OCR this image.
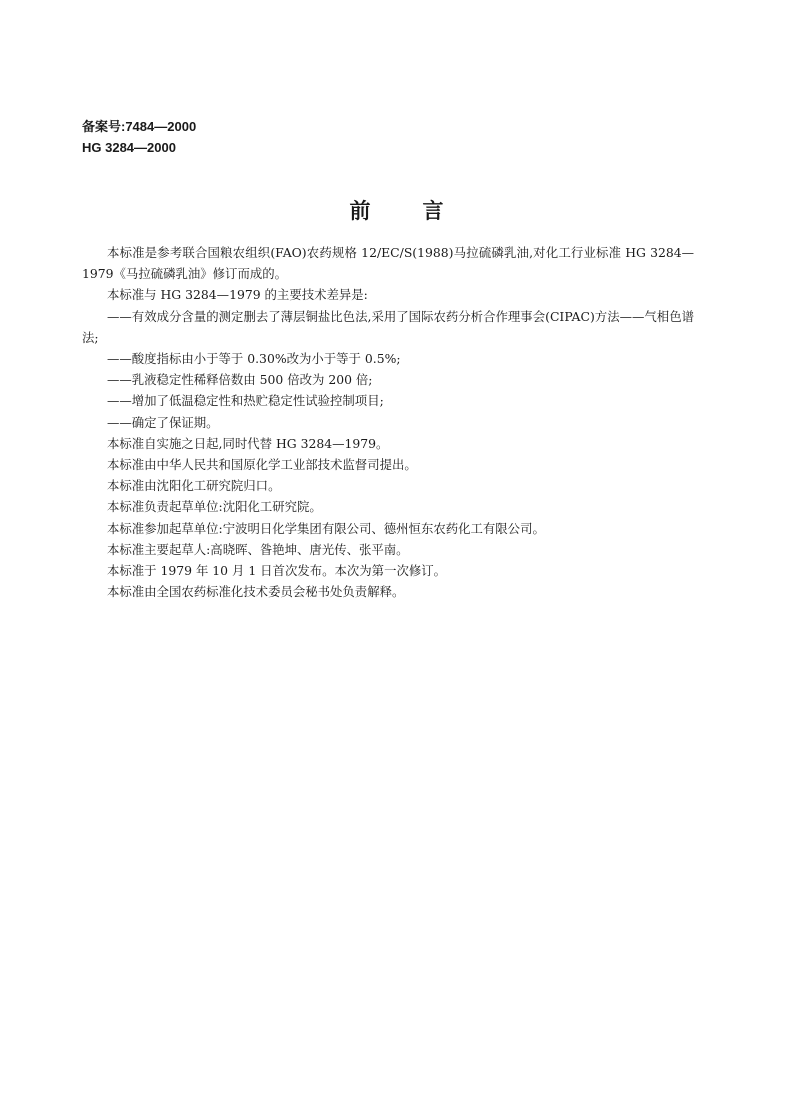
备案号:7484—2000
HG 3284—2000
前言

本标准是参考联合国粮农组织(FAO)农药规格 12/EC/S(1988)马拉硫磷乳油,对化工行业标准 HG 3284—1979《马拉硫磷乳油》修订而成的。

本标准与 HG 3284—1979 的主要技术差异是:

——有效成分含量的测定删去了薄层铜盐比色法,采用了国际农药分析合作理事会(CIPAC)方法——气相色谱法;

——酸度指标由小于等于 0.30%改为小于等于 0.5%;

——乳液稳定性稀释倍数由 500 倍改为 200 倍;

——增加了低温稳定性和热贮稳定性试验控制项目;

——确定了保证期。

本标准自实施之日起,同时代替 HG 3284—1979。

本标准由中华人民共和国原化学工业部技术监督司提出。

本标准由沈阳化工研究院归口。

本标准负责起草单位:沈阳化工研究院。

本标准参加起草单位:宁波明日化学集团有限公司、德州恒东农药化工有限公司。

本标准主要起草人:高晓晖、昝艳坤、唐光传、张平南。

本标准于 1979 年 10 月 1 日首次发布。本次为第一次修订。

本标准由全国农药标准化技术委员会秘书处负责解释。
